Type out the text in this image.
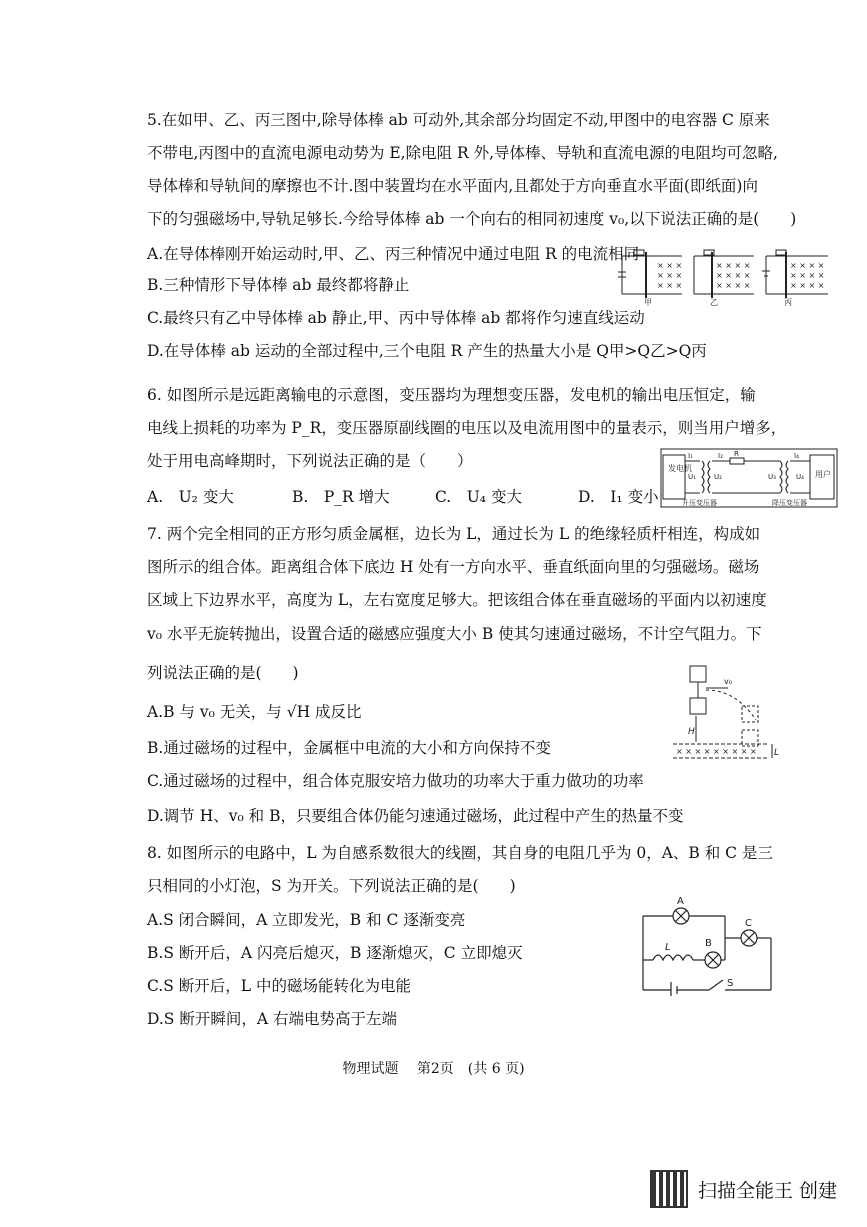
5.在如甲、乙、丙三图中,除导体棒 ab 可动外,其余部分均固定不动,甲图中的电容器 C 原来
不带电,丙图中的直流电源电动势为 E,除电阻 R 外,导体棒、导轨和直流电源的电阻均可忽略,
导体棒和导轨间的摩擦也不计.图中装置均在水平面内,且都处于方向垂直水平面(即纸面)向
下的匀强磁场中,导轨足够长.今给导体棒 ab 一个向右的相同初速度 v₀,以下说法正确的是(　　)
A.在导体棒刚开始运动时,甲、乙、丙三种情况中通过电阻 R 的电流相同
B.三种情形下导体棒 ab 最终都将静止
C.最终只有乙中导体棒 ab 静止,甲、丙中导体棒 ab 都将作匀速直线运动
D.在导体棒 ab 运动的全部过程中,三个电阻 R 产生的热量大小是 Q甲>Q乙>Q丙
× × ×
× × ×
× × ×
甲
× × × ×
× × × ×
× × × ×
乙
× × × ×
× × × ×
× × × ×
丙
6. 如图所示是远距离输电的示意图，变压器均为理想变压器，发电机的输出电压恒定，输
电线上损耗的功率为 P_R，变压器原副线圈的电压以及电流用图中的量表示，则当用户增多，
处于用电高峰期时，下列说法正确的是（　　）
A.　U₂ 变大	B.　P_R 增大	C.　U₄ 变大	D.　I₁ 变小
发电机
用户
U₁	U₂	U₃	U₄
I₁	I₂ R	I₄
升压变压器	降压变压器
7. 两个完全相同的正方形匀质金属框，边长为 L，通过长为 L 的绝缘轻质杆相连，构成如
图所示的组合体。距离组合体下底边 H 处有一方向水平、垂直纸面向里的匀强磁场。磁场
区域上下边界水平，高度为 L，左右宽度足够大。把该组合体在垂直磁场的平面内以初速度
v₀ 水平无旋转抛出，设置合适的磁感应强度大小 B 使其匀速通过磁场，不计空气阻力。下
列说法正确的是(　　)
A.B 与 v₀ 无关，与 √H 成反比
B.通过磁场的过程中，金属框中电流的大小和方向保持不变
C.通过磁场的过程中，组合体克服安培力做功的功率大于重力做功的功率
D.调节 H、v₀ 和 B，只要组合体仍能匀速通过磁场，此过程中产生的热量不变
× × × × × × × × ×
v₀
H
L
8. 如图所示的电路中，L 为自感系数很大的线圈，其自身的电阻几乎为 0，A、B 和 C 是三
只相同的小灯泡，S 为开关。下列说法正确的是(　　)
A.S 闭合瞬间，A 立即发光，B 和 C 逐渐变亮
B.S 断开后，A 闪亮后熄灭，B 逐渐熄灭，C 立即熄灭
C.S 断开后，L 中的磁场能转化为电能
D.S 断开瞬间，A 右端电势高于左端
A
L	B
C
S
物理试题　 第2页　(共 6 页)
扫描全能王 创建
